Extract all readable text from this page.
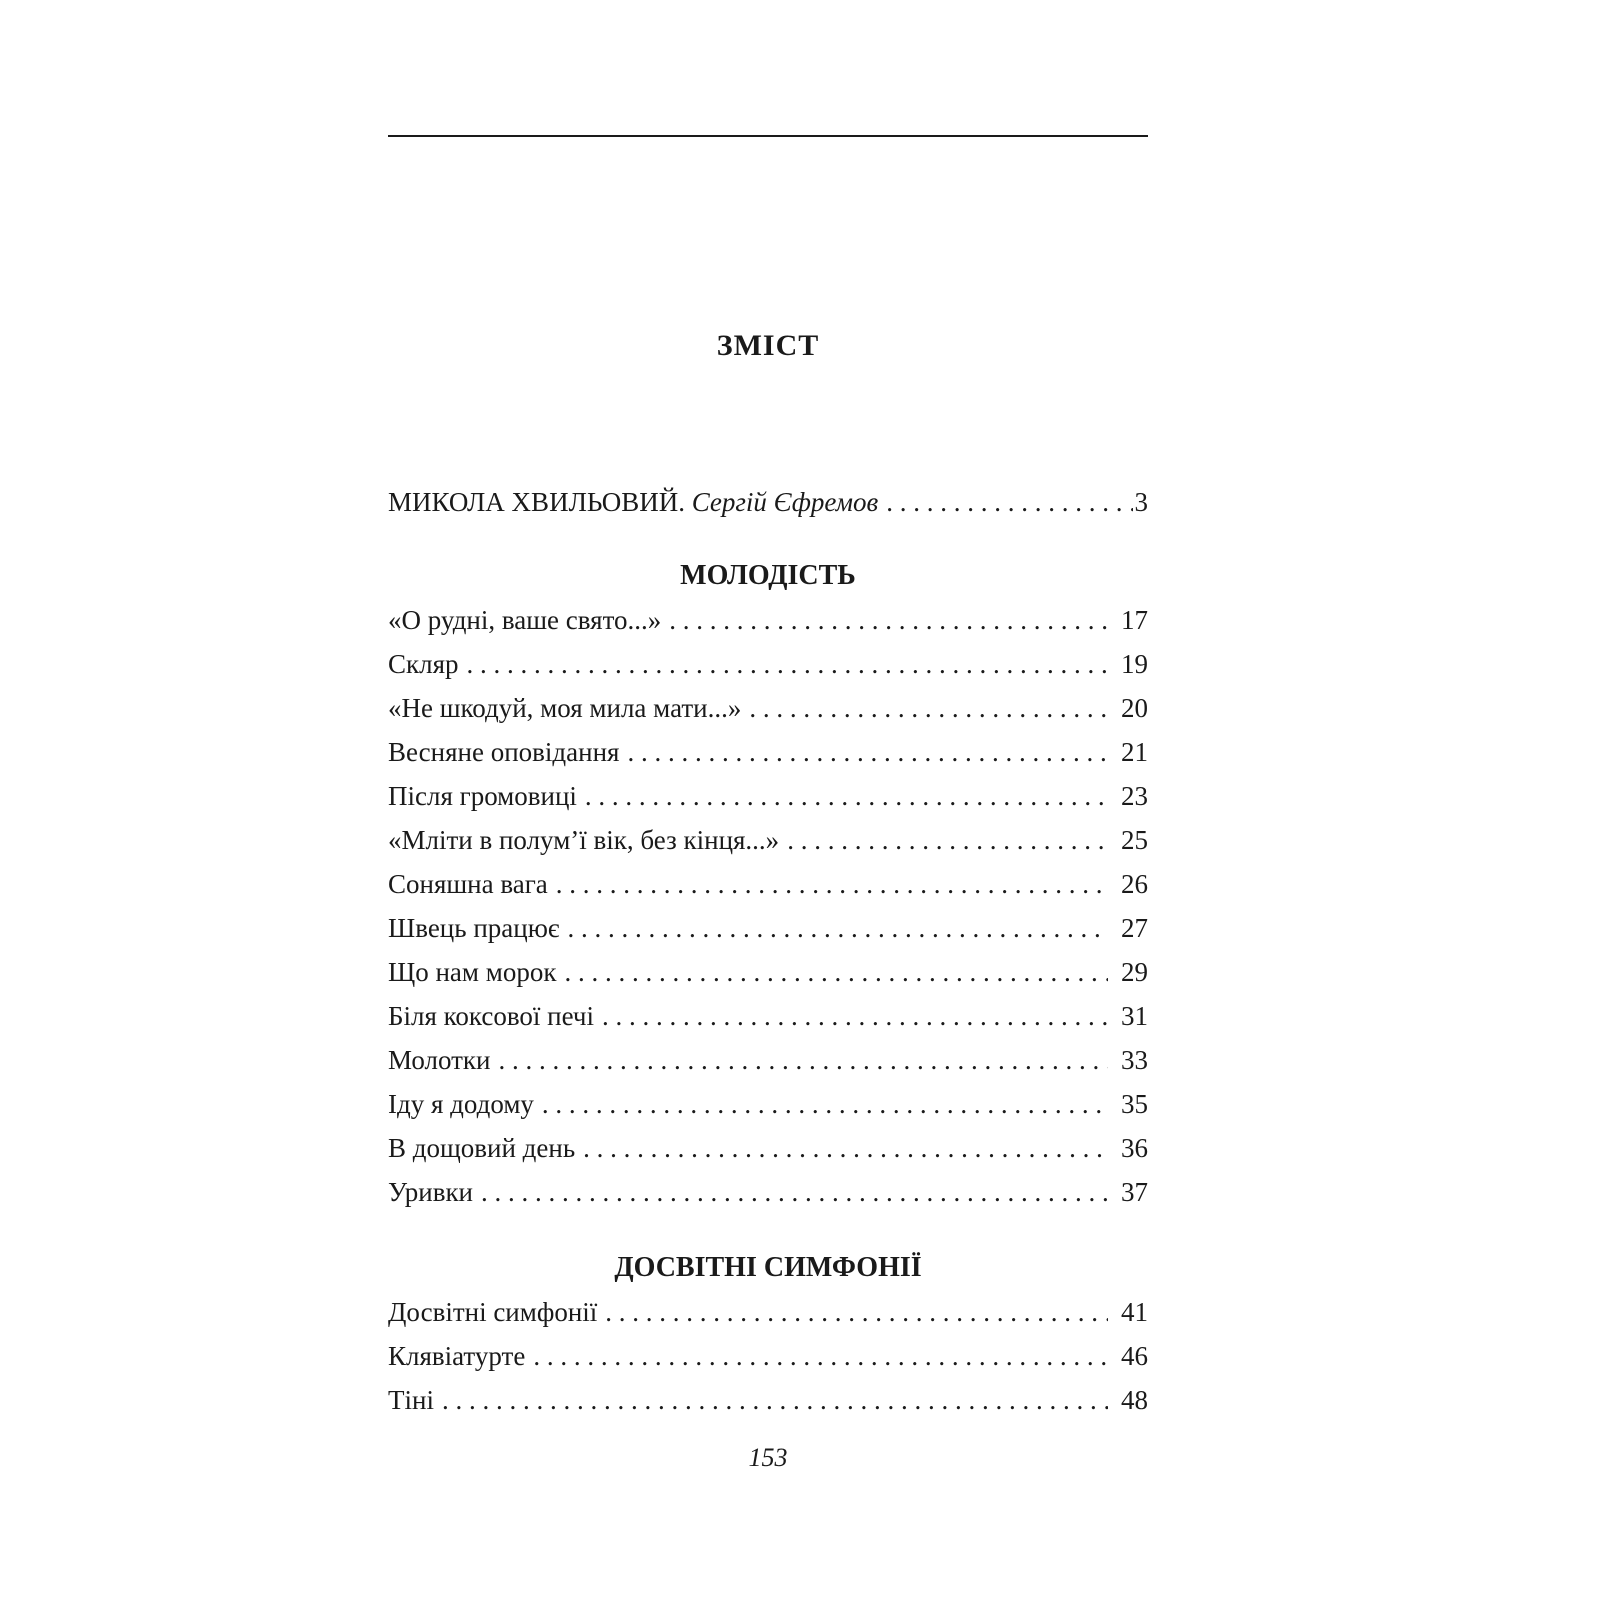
ЗМІСТ
МИКОЛА ХВИЛЬОВИЙ. Сергій Єфремов . . .	3
МОЛОДІСТЬ
«О рудні, ваше свято...» . . .	17
Скляр . . .	19
«Не шкодуй, моя мила мати...» . . .	20
Весняне оповідання . . .	21
Після громовиці . . .	23
«Мліти в полум’ї вік, без кінця...» . . .	25
Соняшна вага . . .	26
Швець працює . . .	27
Що нам морок . . .	29
Біля коксової печі . . .	31
Молотки . . .	33
Іду я додому . . .	35
В дощовий день . . .	36
Уривки . . .	37
ДОСВІТНІ СИМФОНІЇ
Досвітні симфонії . . .	41
Клявіатурте . . .	46
Тіні . . .	48
153
